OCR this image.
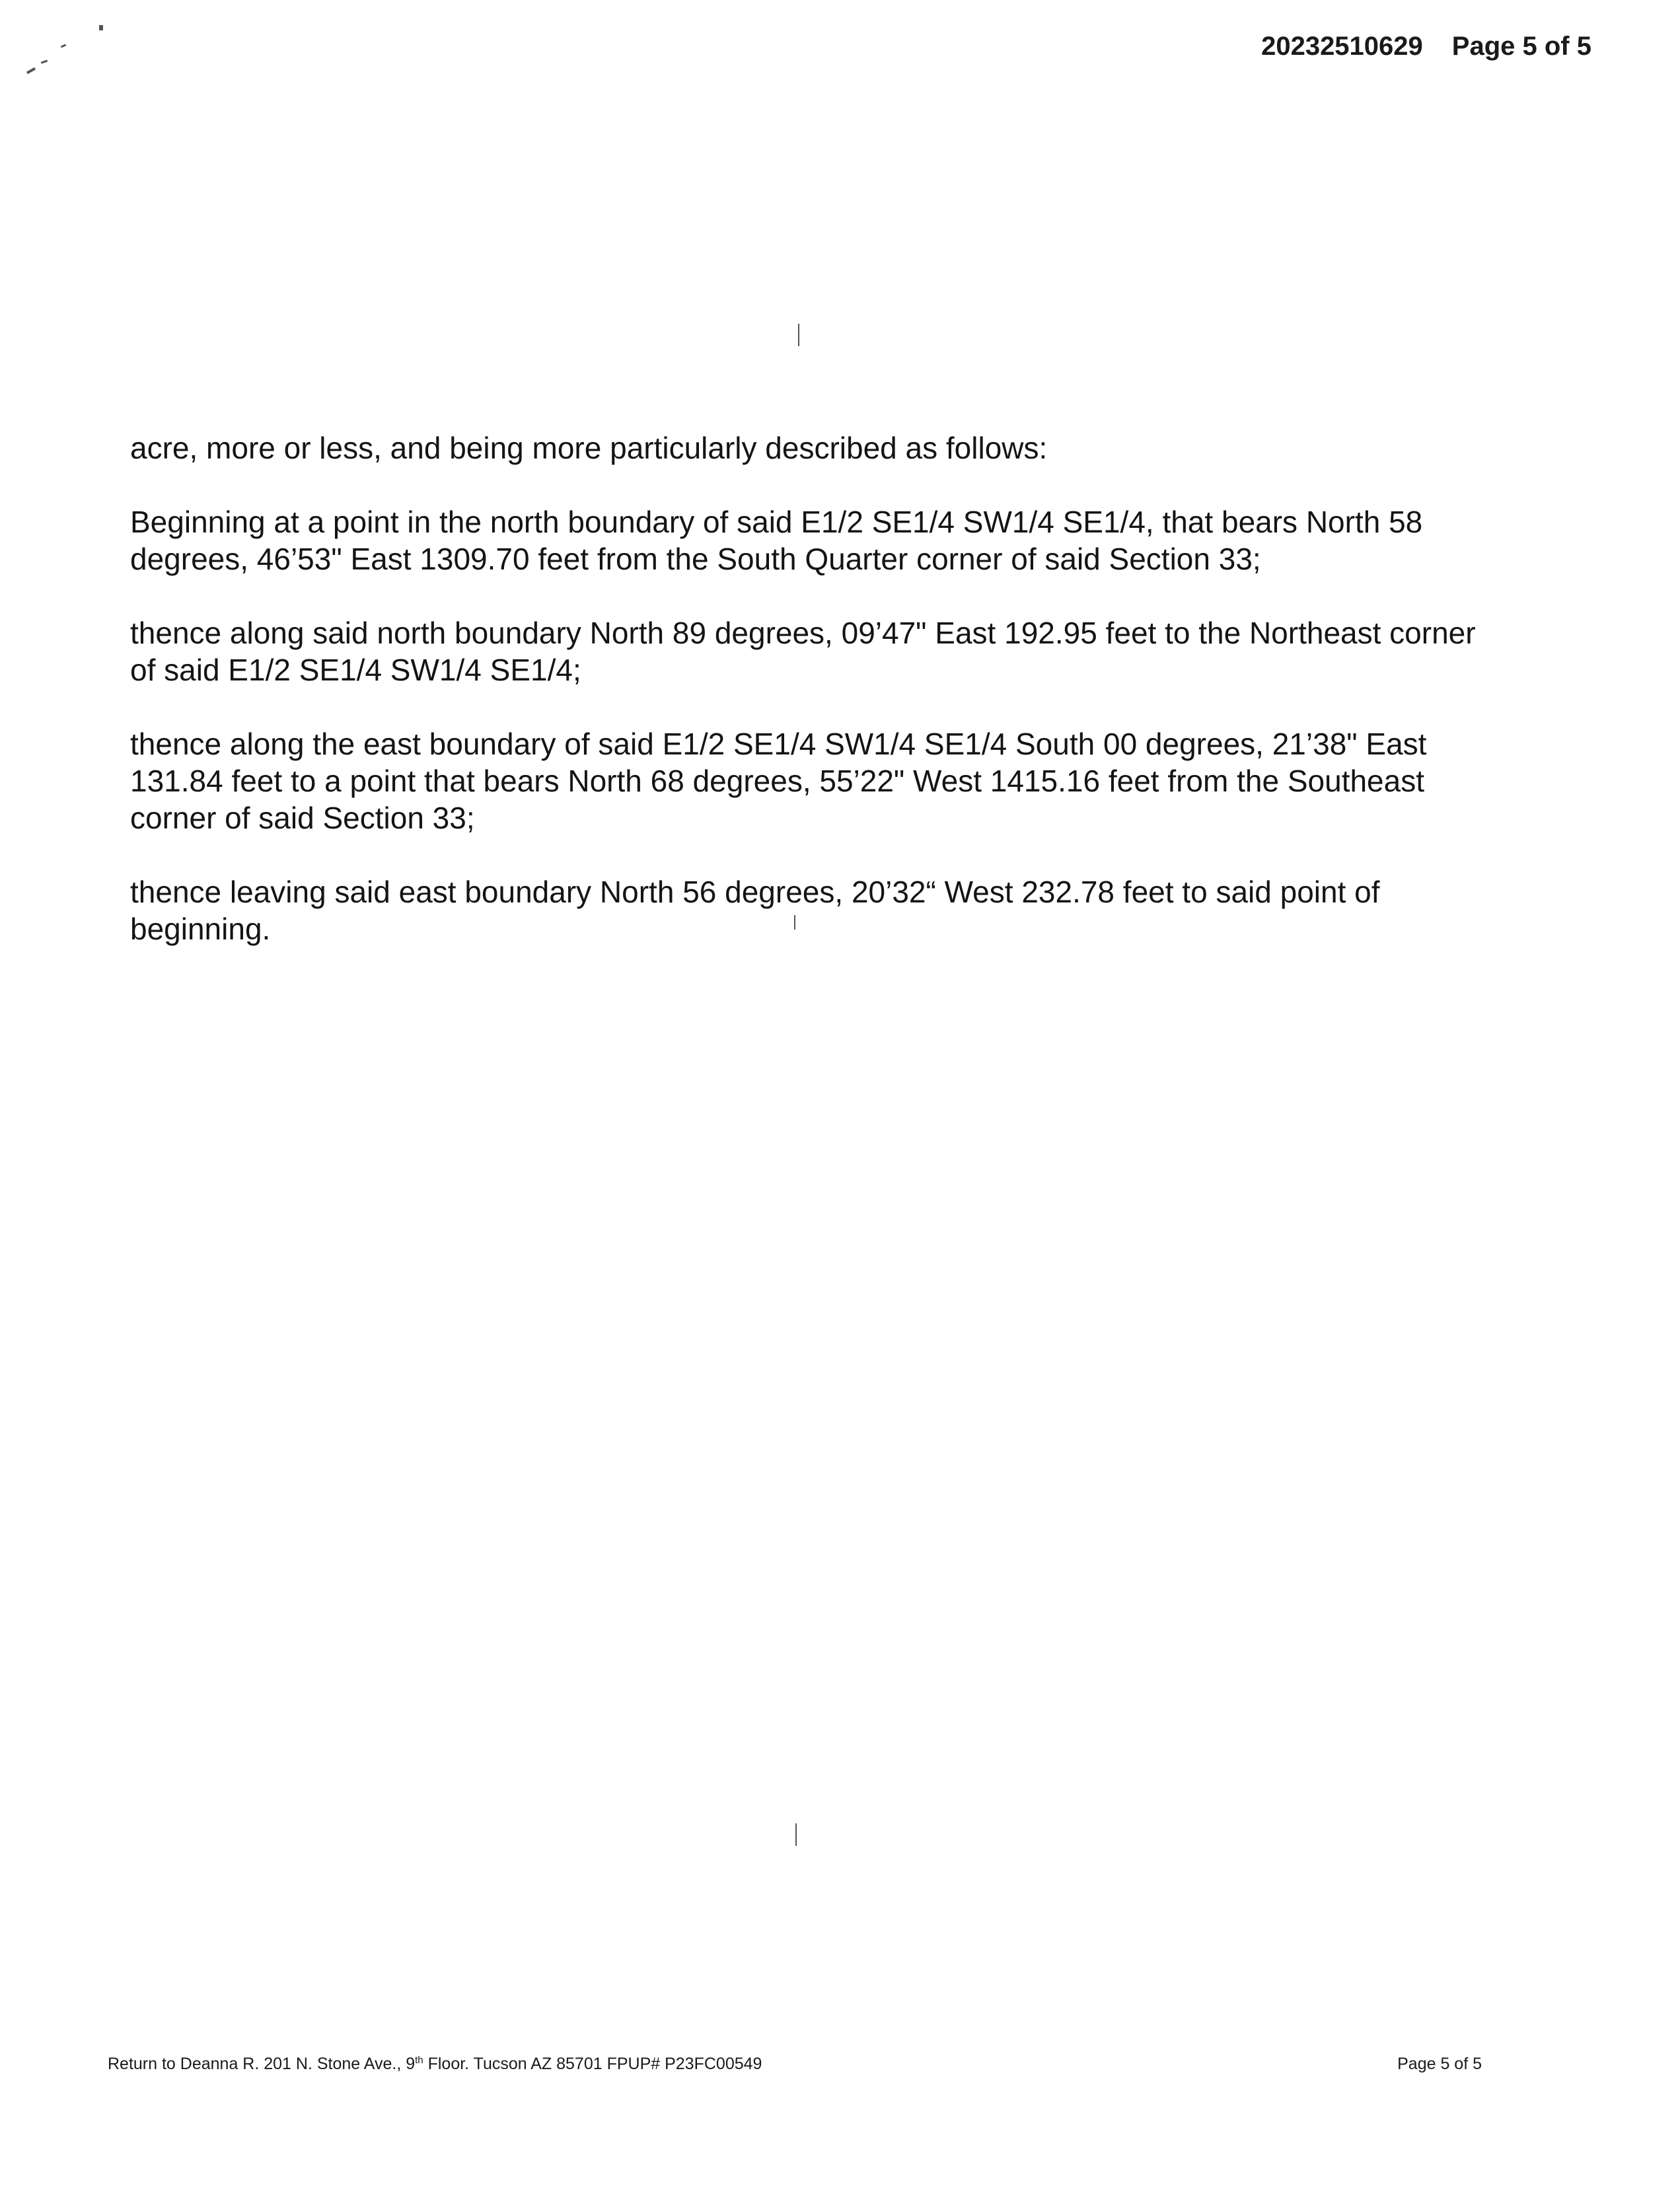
20232510629 Page 5 of 5

acre, more or less, and being more particularly described as follows:

Beginning at a point in the north boundary of said E1/2 SE1/4 SW1/4 SE1/4, that bears North 58 degrees, 46’53" East 1309.70 feet from the South Quarter corner of said Section 33;

thence along said north boundary North 89 degrees, 09’47" East 192.95 feet to the Northeast corner of said E1/2 SE1/4 SW1/4 SE1/4;

thence along the east boundary of said E1/2 SE1/4 SW1/4 SE1/4 South 00 degrees, 21’38" East 131.84 feet to a point that bears North 68 degrees, 55’22" West 1415.16 feet from the Southeast corner of said Section 33;

thence leaving said east boundary North 56 degrees, 20’32“ West 232.78 feet to said point of beginning.

Return to Deanna R. 201 N. Stone Ave., 9th Floor. Tucson AZ 85701 FPUP# P23FC00549	Page 5 of 5
